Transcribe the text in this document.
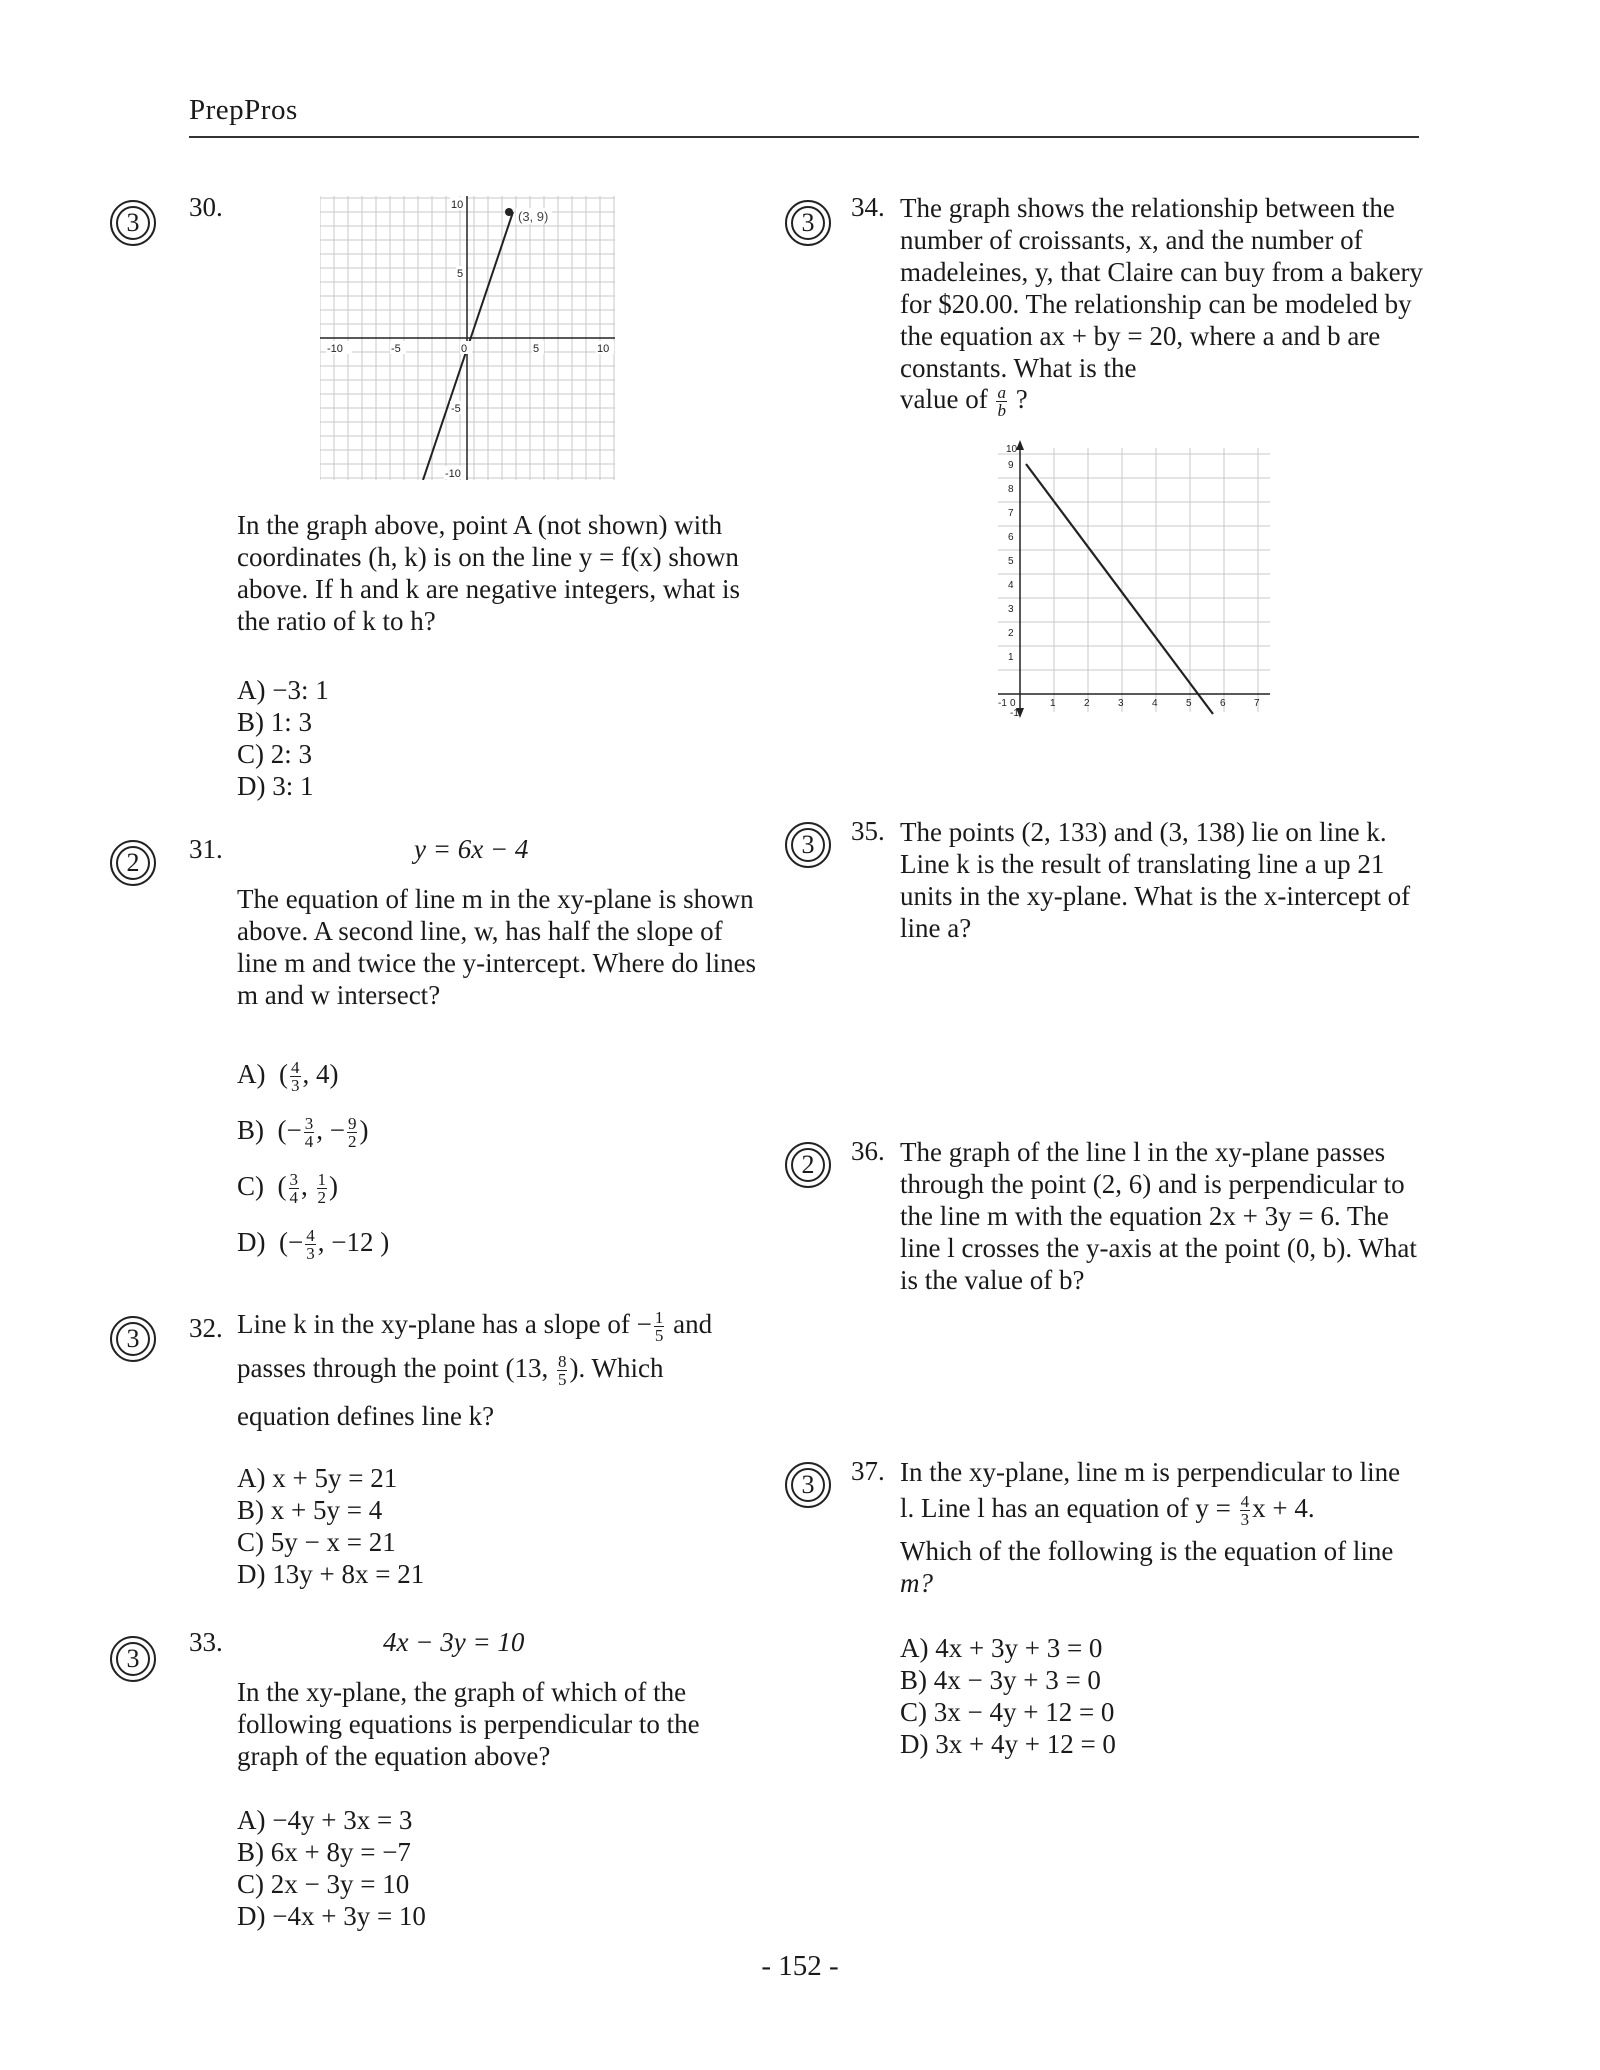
PrepPros
3
30.	(3, 9)
-10	-5	0	5	10
10
5
-5
-10
In the graph above, point A (not shown) with coordinates (h, k) is on the line y = f(x) shown above. If h and k are negative integers, what is the ratio of k to h?
A) −3: 1
B) 1: 3
C) 2: 3
D) 3: 1
2	31.	y = 6x − 4
The equation of line m in the xy-plane is shown above. A second line, w, has half the slope of line m and twice the y-intercept. Where do lines m and w intersect?
A) ( $\frac{4}{3}$ , 4)
B) (− $\frac{3}{4}$ , − $\frac{9}{2}$ )
C) ( $\frac{3}{4}$ , $\frac{1}{2}$ )
D) (− $\frac{4}{3}$ , −12 )
3	32. Line k in the xy-plane has a slope of − $\frac{1}{5}$ and
passes through the point (13, $\frac{8}{5}$ ). Which
equation defines line k?
A) x + 5y = 21
B) x + 5y = 4
C) 5y − x = 21
D) 13y + 8x = 21
3
33.	4x − 3y = 10
In the xy-plane, the graph of which of the following equations is perpendicular to the graph of the equation above?
A) −4y + 3x = 3
B) 6x + 8y = −7
C) 2x − 3y = 10
D) −4x + 3y = 10
3
34. The graph shows the relationship between the number of croissants, x, and the number of madeleines, y, that Claire can buy from a bakery for $20.00. The relationship can be modeled by the equation ax + by = 20, where a and b are constants. What is the
value of $\frac{a}{b}$ ?
9
8
7
6
5
4
3
2
1
10
-1 0
-1
1	2	3	4	5	6	7
3	35. The points (2, 133) and (3, 138) lie on line k. Line k is the result of translating line a up 21 units in the xy-plane. What is the x-intercept of line a?
2	36. The graph of the line l in the xy-plane passes through the point (2, 6) and is perpendicular to the line m with the equation 2x + 3y = 6. The line l crosses the y-axis at the point (0, b). What is the value of b?
3	37. In the xy-plane, line m is perpendicular to line
l. Line l has an equation of $y = \frac{4}{3}$ x + 4.
Which of the following is the equation of line
m?
A) 4x + 3y + 3 = 0
B) 4x − 3y + 3 = 0
C) 3x − 4y + 12 = 0
D) 3x + 4y + 12 = 0
- 152 -
